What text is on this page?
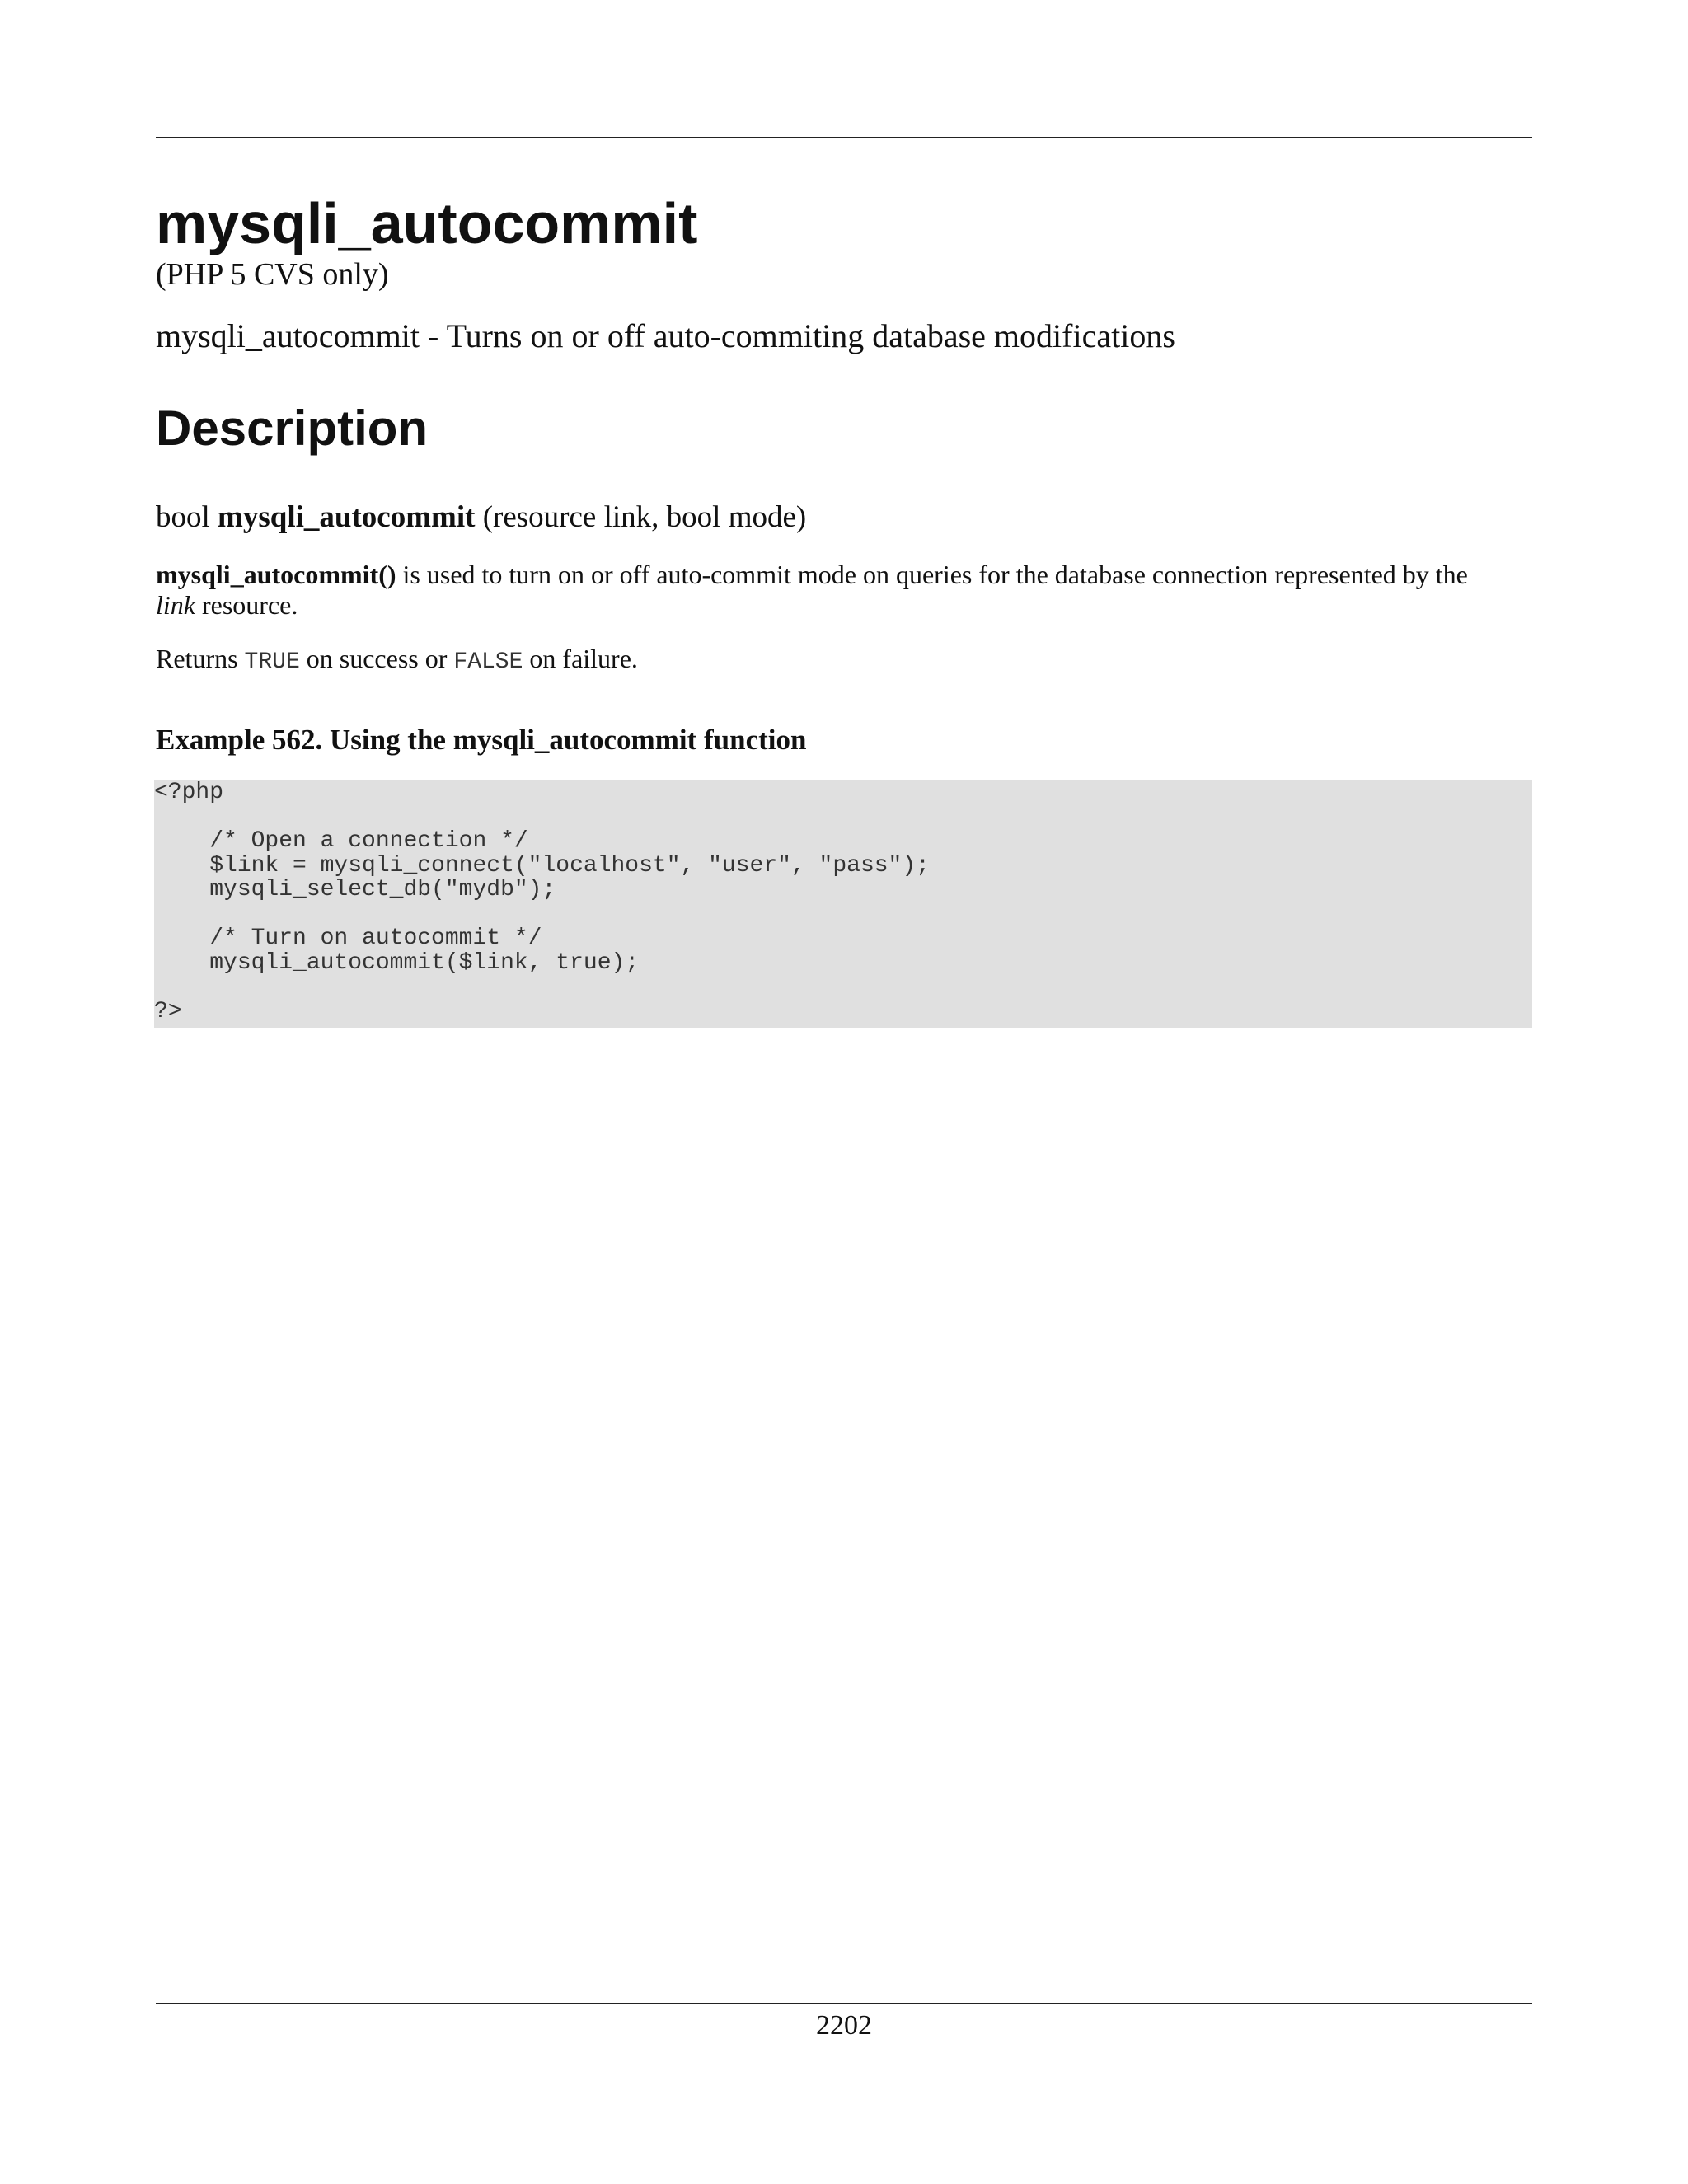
mysqli_autocommit

(PHP 5 CVS only)

mysqli_autocommit - Turns on or off auto-commiting database modifications

Description

bool mysqli_autocommit (resource link, bool mode)

mysqli_autocommit() is used to turn on or off auto-commit mode on queries for the database connection represented by the
link resource.

Returns TRUE on success or FALSE on failure.

Example 562. Using the mysqli_autocommit function

<?php

/* Open a connection */
$link = mysqli_connect("localhost", "user", "pass");
mysqli_select_db("mydb");

/* Turn on autocommit */
mysqli_autocommit($link, true);

?>
2202
